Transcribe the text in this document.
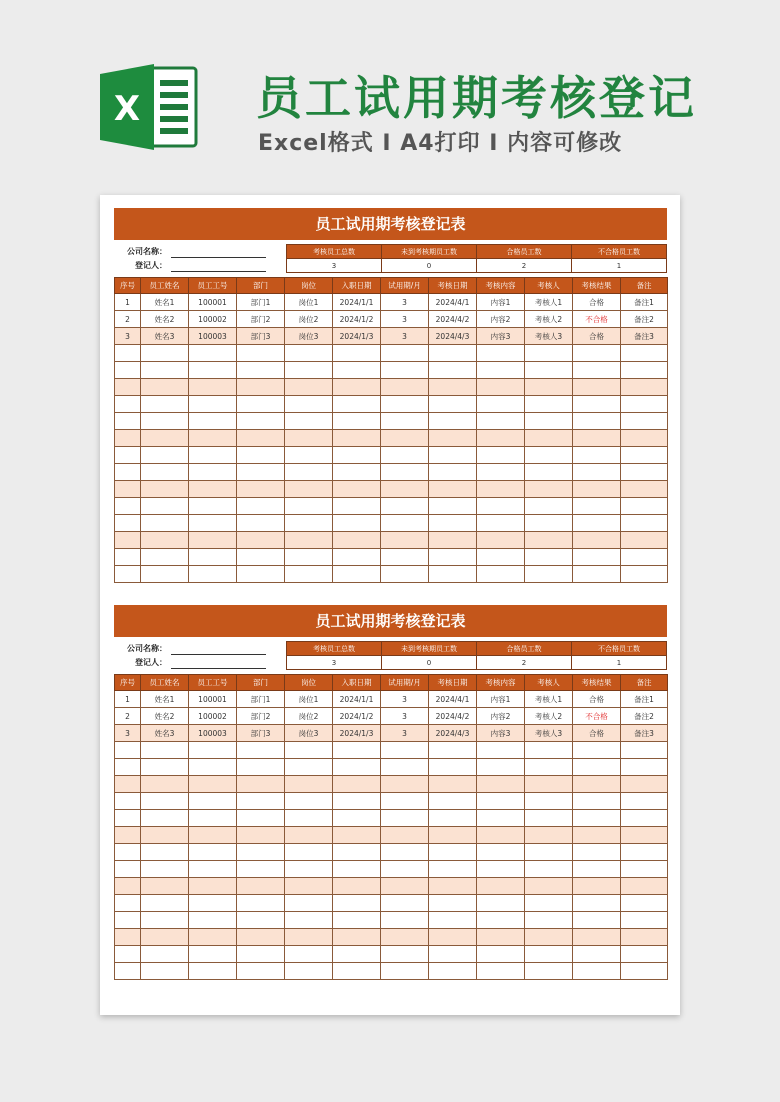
X	员工试用期考核登记
Excel格式 I A4打印 I 内容可修改
员工试用期考核登记表
公司名称：
登记人：
考核员工总数	未到考核期员工数	合格员工数	不合格员工数
3	0	2	1
序号	员工姓名	员工工号	部门	岗位	入职日期	试用期/月	考核日期	考核内容	考核人	考核结果	备注
1	姓名1	100001	部门1	岗位1	2024/1/1	3	2024/4/1	内容1	考核人1	合格	备注1
2	姓名2	100002	部门2	岗位2	2024/1/2	3	2024/4/2	内容2	考核人2	不合格	备注2
3	姓名3	100003	部门3	岗位3	2024/1/3	3	2024/4/3	内容3	考核人3	合格	备注3

员工试用期考核登记表
公司名称：
登记人：
考核员工总数	未到考核期员工数	合格员工数	不合格员工数
3	0	2	1
序号	员工姓名	员工工号	部门	岗位	入职日期	试用期/月	考核日期	考核内容	考核人	考核结果	备注
1	姓名1	100001	部门1	岗位1	2024/1/1	3	2024/4/1	内容1	考核人1	合格	备注1
2	姓名2	100002	部门2	岗位2	2024/1/2	3	2024/4/2	内容2	考核人2	不合格	备注2
3	姓名3	100003	部门3	岗位3	2024/1/3	3	2024/4/3	内容3	考核人3	合格	备注3
